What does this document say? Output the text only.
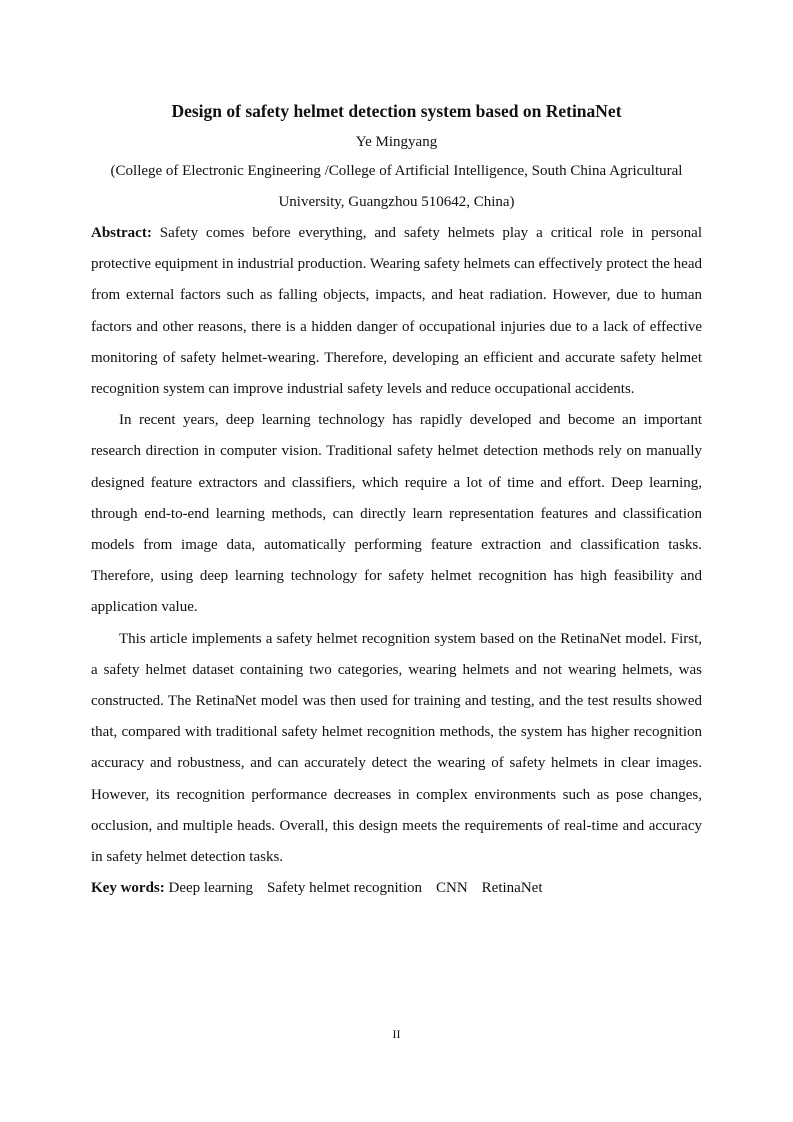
Design of safety helmet detection system based on RetinaNet

Ye Mingyang

(College of Electronic Engineering /College of Artificial Intelligence, South China Agricultural University, Guangzhou 510642, China)

Abstract: Safety comes before everything, and safety helmets play a critical role in personal protective equipment in industrial production. Wearing safety helmets can effectively protect the head from external factors such as falling objects, impacts, and heat radiation. However, due to human factors and other reasons, there is a hidden danger of occupational injuries due to a lack of effective monitoring of safety helmet-wearing. Therefore, developing an efficient and accurate safety helmet recognition system can improve industrial safety levels and reduce occupational accidents.

In recent years, deep learning technology has rapidly developed and become an important research direction in computer vision. Traditional safety helmet detection methods rely on manually designed feature extractors and classifiers, which require a lot of time and effort. Deep learning, through end-to-end learning methods, can directly learn representation features and classification models from image data, automatically performing feature extraction and classification tasks. Therefore, using deep learning technology for safety helmet recognition has high feasibility and application value.

This article implements a safety helmet recognition system based on the RetinaNet model. First, a safety helmet dataset containing two categories, wearing helmets and not wearing helmets, was constructed. The RetinaNet model was then used for training and testing, and the test results showed that, compared with traditional safety helmet recognition methods, the system has higher recognition accuracy and robustness, and can accurately detect the wearing of safety helmets in clear images. However, its recognition performance decreases in complex environments such as pose changes, occlusion, and multiple heads. Overall, this design meets the requirements of real-time and accuracy in safety helmet detection tasks.

Key words: Deep learning Safety helmet recognition CNN RetinaNet

II
